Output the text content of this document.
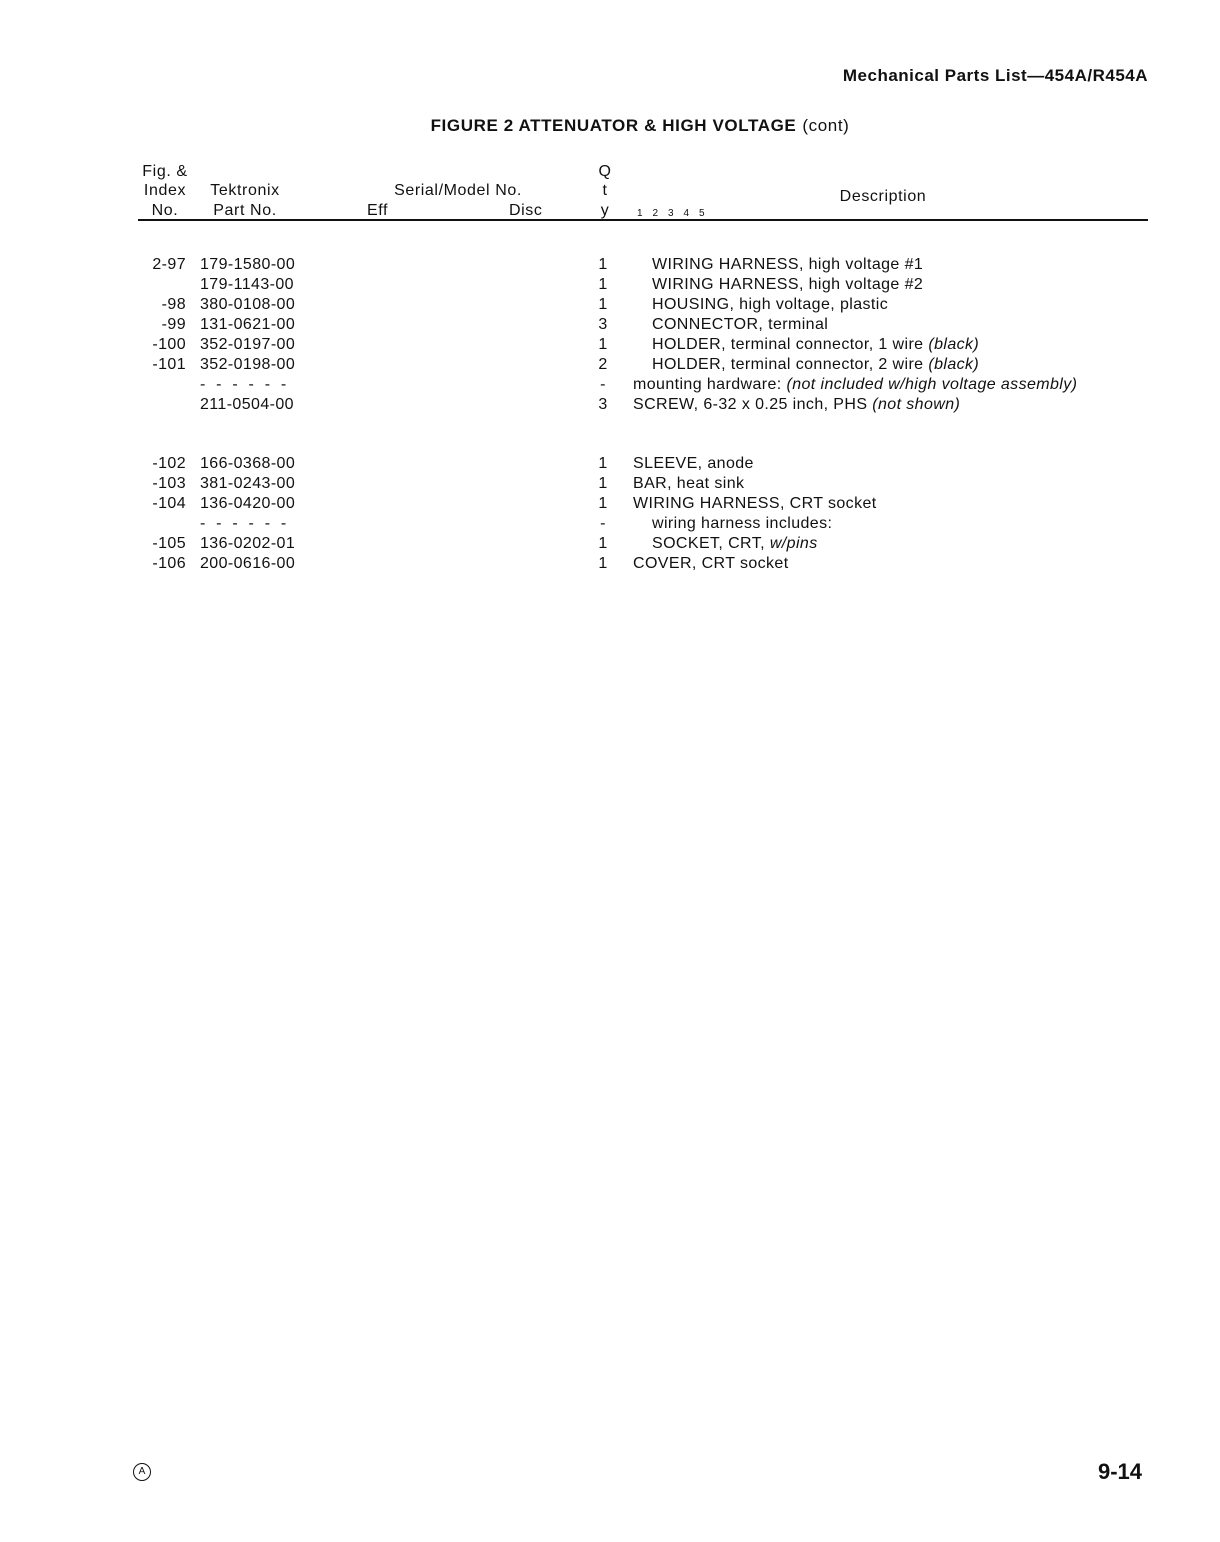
Mechanical Parts List—454A/R454A
FIGURE 2 ATTENUATOR & HIGH VOLTAGE (cont)
Fig. &
Index
No.
Tektronix
Part No.
Serial/Model No.
Eff	Disc
Q
t
y
Description
1 2 3 4 5
2-97 179-1580-00	1	WIRING HARNESS, high voltage #1
179-1143-00	1	WIRING HARNESS, high voltage #2
-98 380-0108-00	1	HOUSING, high voltage, plastic
-99 131-0621-00	3	CONNECTOR, terminal
-100 352-0197-00	1	HOLDER, terminal connector, 1 wire (black)
-101 352-0198-00	2	HOLDER, terminal connector, 2 wire (black)
- - - - - -	- mounting hardware: (not included w/high voltage assembly)
211-0504-00	3 SCREW, 6-32 x 0.25 inch, PHS (not shown)
-102 166-0368-00	1 SLEEVE, anode
-103 381-0243-00	1 BAR, heat sink
-104 136-0420-00	1 WIRING HARNESS, CRT socket
- - - - - -	-	wiring harness includes:
-105 136-0202-01	1	SOCKET, CRT, w/pins
-106 200-0616-00	1 COVER, CRT socket
A	9-14
